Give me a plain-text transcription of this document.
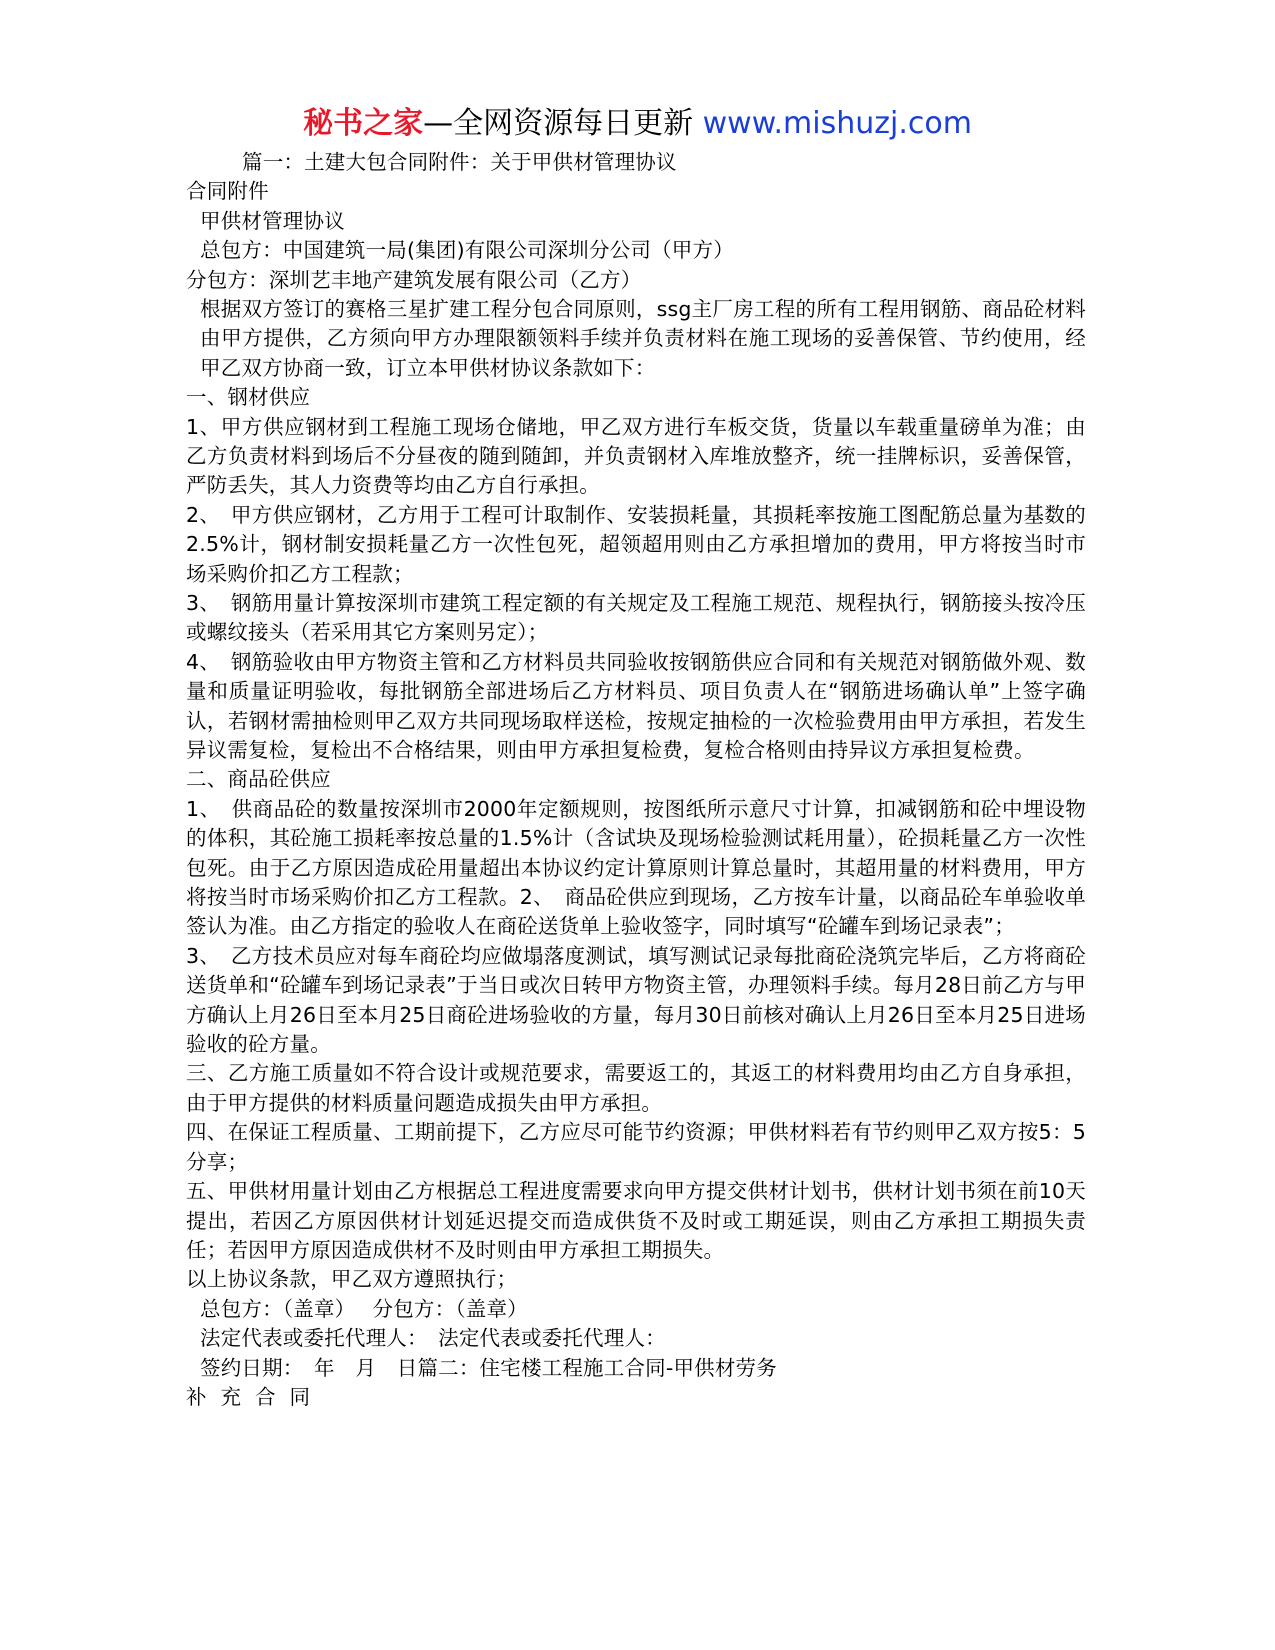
秘书之家—全网资源每日更新 www.mishuzj.com
篇一：土建大包合同附件：关于甲供材管理协议
合同附件
甲供材管理协议
总包方：中国建筑一局(集团)有限公司深圳分公司（甲方）
分包方：深圳艺丰地产建筑发展有限公司（乙方）
根据双方签订的赛格三星扩建工程分包合同原则，ssg主厂房工程的所有工程用钢筋、商品砼材料由甲方提供，乙方须向甲方办理限额领料手续并负责材料在施工现场的妥善保管、节约使用，经甲乙双方协商一致，订立本甲供材协议条款如下：
一、钢材供应
1、甲方供应钢材到工程施工现场仓储地，甲乙双方进行车板交货，货量以车载重量磅单为准；由乙方负责材料到场后不分昼夜的随到随卸，并负责钢材入库堆放整齐，统一挂牌标识，妥善保管，严防丢失，其人力资费等均由乙方自行承担。
2、　甲方供应钢材，乙方用于工程可计取制作、安装损耗量，其损耗率按施工图配筋总量为基数的2.5%计，钢材制安损耗量乙方一次性包死，超领超用则由乙方承担增加的费用，甲方将按当时市场采购价扣乙方工程款；
3、　钢筋用量计算按深圳市建筑工程定额的有关规定及工程施工规范、规程执行，钢筋接头按冷压或螺纹接头（若采用其它方案则另定）；
4、　钢筋验收由甲方物资主管和乙方材料员共同验收按钢筋供应合同和有关规范对钢筋做外观、数量和质量证明验收，每批钢筋全部进场后乙方材料员、项目负责人在“钢筋进场确认单”上签字确认，若钢材需抽检则甲乙双方共同现场取样送检，按规定抽检的一次检验费用由甲方承担，若发生异议需复检，复检出不合格结果，则由甲方承担复检费，复检合格则由持异议方承担复检费。
二、商品砼供应
1、　供商品砼的数量按深圳市2000年定额规则，按图纸所示意尺寸计算，扣减钢筋和砼中埋设物的体积，其砼施工损耗率按总量的1.5%计（含试块及现场检验测试耗用量），砼损耗量乙方一次性包死。由于乙方原因造成砼用量超出本协议约定计算原则计算总量时，其超用量的材料费用，甲方将按当时市场采购价扣乙方工程款。2、　商品砼供应到现场，乙方按车计量，以商品砼车单验收单签认为准。由乙方指定的验收人在商砼送货单上验收签字，同时填写“砼罐车到场记录表”；
3、　乙方技术员应对每车商砼均应做塌落度测试，填写测试记录每批商砼浇筑完毕后，乙方将商砼送货单和“砼罐车到场记录表”于当日或次日转甲方物资主管，办理领料手续。每月28日前乙方与甲方确认上月26日至本月25日商砼进场验收的方量，每月30日前核对确认上月26日至本月25日进场验收的砼方量。
三、乙方施工质量如不符合设计或规范要求，需要返工的，其返工的材料费用均由乙方自身承担，由于甲方提供的材料质量问题造成损失由甲方承担。
四、在保证工程质量、工期前提下，乙方应尽可能节约资源；甲供材料若有节约则甲乙双方按5：5分享；
五、甲供材用量计划由乙方根据总工程进度需要求向甲方提交供材计划书，供材计划书须在前10天提出，若因乙方原因供材计划延迟提交而造成供货不及时或工期延误，则由乙方承担工期损失责任；若因甲方原因造成供材不及时则由甲方承担工期损失。
以上协议条款，甲乙双方遵照执行；
总包方：（盖章）　 分包方：（盖章）
法定代表或委托代理人：　法定代表或委托代理人：
签约日期：　年　月　日篇二：住宅楼工程施工合同-甲供材劳务
补充合同
